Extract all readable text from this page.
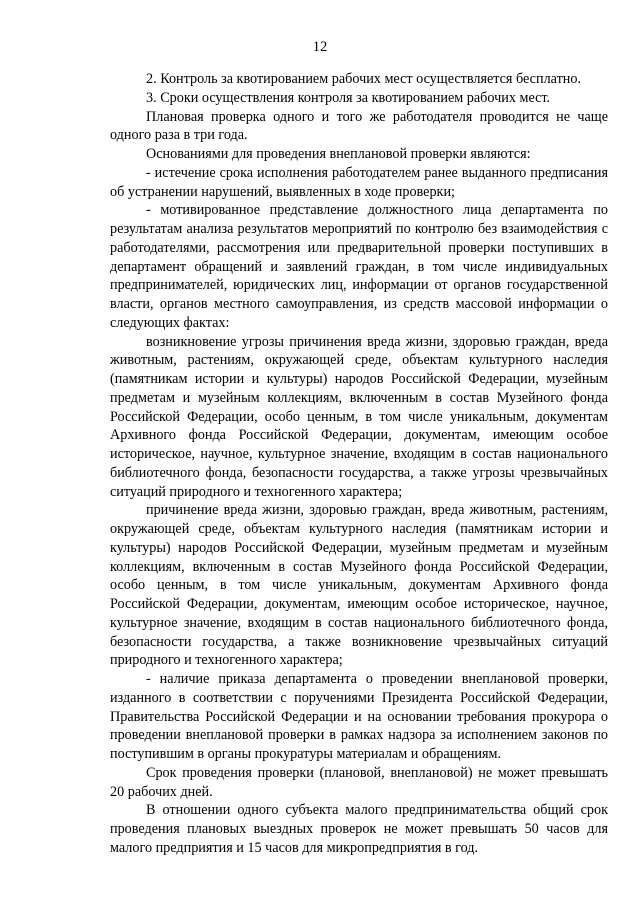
12

2. Контроль за квотированием рабочих мест осуществляется бесплатно.

3. Сроки осуществления контроля за квотированием рабочих мест.

Плановая проверка одного и того же работодателя проводится не чаще одного раза в три года.

Основаниями для проведения внеплановой проверки являются:

- истечение срока исполнения работодателем ранее выданного предписания об устранении нарушений, выявленных в ходе проверки;

- мотивированное представление должностного лица департамента по результатам анализа результатов мероприятий по контролю без взаимодействия с работодателями, рассмотрения или предварительной проверки поступивших в департамент обращений и заявлений граждан, в том числе индивидуальных предпринимателей, юридических лиц, информации от органов государственной власти, органов местного самоуправления, из средств массовой информации о следующих фактах:

возникновение угрозы причинения вреда жизни, здоровью граждан, вреда животным, растениям, окружающей среде, объектам культурного наследия (памятникам истории и культуры) народов Российской Федерации, музейным предметам и музейным коллекциям, включенным в состав Музейного фонда Российской Федерации, особо ценным, в том числе уникальным, документам Архивного фонда Российской Федерации, документам, имеющим особое историческое, научное, культурное значение, входящим в состав национального библиотечного фонда, безопасности государства, а также угрозы чрезвычайных ситуаций природного и техногенного характера;

причинение вреда жизни, здоровью граждан, вреда животным, растениям, окружающей среде, объектам культурного наследия (памятникам истории и культуры) народов Российской Федерации, музейным предметам и музейным коллекциям, включенным в состав Музейного фонда Российской Федерации, особо ценным, в том числе уникальным, документам Архивного фонда Российской Федерации, документам, имеющим особое историческое, научное, культурное значение, входящим в состав национального библиотечного фонда, безопасности государства, а также возникновение чрезвычайных ситуаций природного и техногенного характера;

- наличие приказа департамента о проведении внеплановой проверки, изданного в соответствии с поручениями Президента Российской Федерации, Правительства Российской Федерации и на основании требования прокурора о проведении внеплановой проверки в рамках надзора за исполнением законов по поступившим в органы прокуратуры материалам и обращениям.

Срок проведения проверки (плановой, внеплановой) не может превышать 20 рабочих дней.

В отношении одного субъекта малого предпринимательства общий срок проведения плановых выездных проверок не может превышать 50 часов для малого предприятия и 15 часов для микропредприятия в год.
